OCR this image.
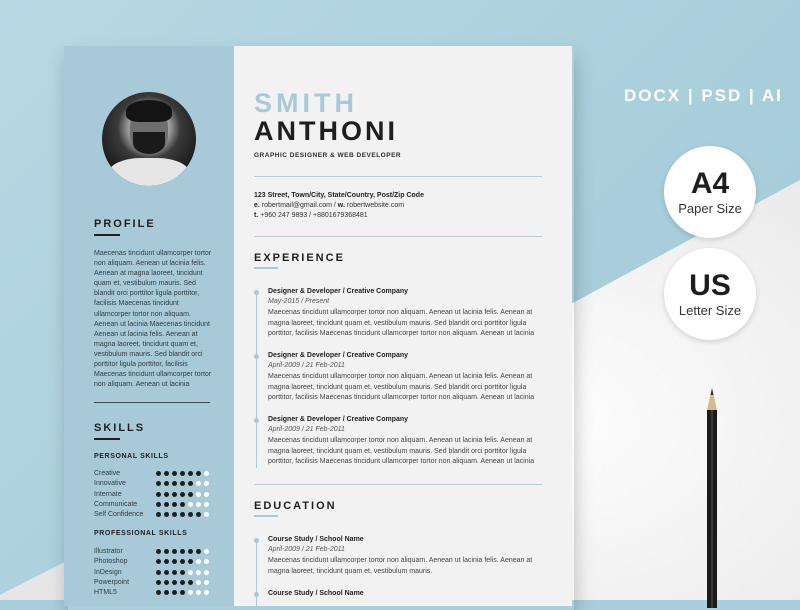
PROFILE
Maecenas tincidunt ullamcorper tortor non aliquam. Aenean ut lacinia felis. Aenean at magna laoreet, tincidunt quam et, vestibulum mauris. Sed blandit orci porttitor ligula porttitor, facilisis Maecenas tincidunt ullamcorper tortor non aliquam. Aenean ut lacinia Maecenas tincidunt Aenean ut lacinia felis. Aenean at magna laoreet, tincidunt quam et, vestibulum mauris. Sed blandit orci porttitor ligula porttitor, facilisis Maecenas tincidunt ullamcorper tortor non aliquam. Aenean ut lacinia
SKILLS
PERSONAL SKILLS
Creative
Innovative
Internate
Communicate
Self Confidence
PROFESSIONAL SKILLS
Illustrator
Photoshop
InDesign
Powerpoint
HTML5
SMITH
ANTHONI
GRAPHIC DESIGNER & WEB DEVELOPER
123 Street, Town/City, State/Country, Post/Zip Code
e. robertmail@gmail.com / w. robertwebsite.com
t. +960 247 9893 / +8801679368481
EXPERIENCE
Designer & Developer / Creative Company
May-2015 / Present
Maecenas tincidunt ullamcorper tortor non aliquam. Aenean ut lacinia felis. Aenean at magna laoreet, tincidunt quam et, vestibulum mauris. Sed blandit orci porttitor ligula porttitor, facilisis Maecenas tincidunt ullamcorper tortor non aliquam. Aenean ut lacinia
Designer & Developer / Creative Company
April-2009 / 21 Feb-2011
Maecenas tincidunt ullamcorper tortor non aliquam. Aenean ut lacinia felis. Aenean at magna laoreet, tincidunt quam et, vestibulum mauris. Sed blandit orci porttitor ligula porttitor, facilisis Maecenas tincidunt ullamcorper tortor non aliquam. Aenean ut lacinia
Designer & Developer / Creative Company
April-2009 / 21 Feb-2011
Maecenas tincidunt ullamcorper tortor non aliquam. Aenean ut lacinia felis. Aenean at magna laoreet, tincidunt quam et, vestibulum mauris. Sed blandit orci porttitor ligula porttitor, facilisis Maecenas tincidunt ullamcorper tortor non aliquam. Aenean ut lacinia
EDUCATION
Course Study / School Name
April-2009 / 21 Feb-2011
Maecenas tincidunt ullamcorper tortor non aliquam. Aenean ut lacinia felis. Aenean at magna laoreet, tincidunt quam et, vestibulum mauris.
Course Study / School Name
DOCX | PSD | AI
A4
Paper Size
US
Letter Size
